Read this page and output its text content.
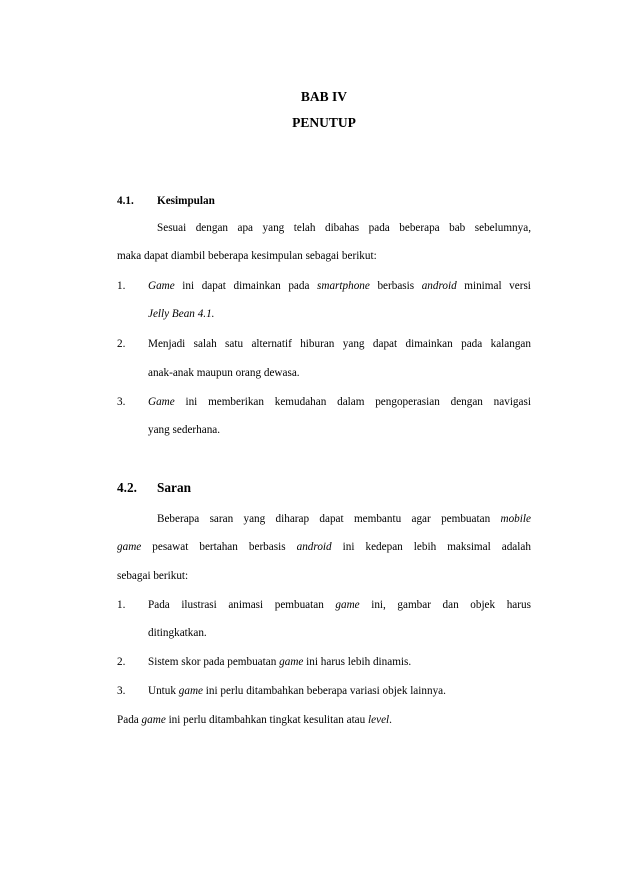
BAB IV
PENUTUP
4.1. Kesimpulan
Sesuai dengan apa yang telah dibahas pada beberapa bab sebelumnya,
maka dapat diambil beberapa kesimpulan sebagai berikut:
1. Game ini dapat dimainkan pada smartphone berbasis android minimal versi
Jelly Bean 4.1.
2. Menjadi salah satu alternatif hiburan yang dapat dimainkan pada kalangan
anak-anak maupun orang dewasa.
3. Game ini memberikan kemudahan dalam pengoperasian dengan navigasi
yang sederhana.
4.2. Saran
Beberapa saran yang diharap dapat membantu agar pembuatan mobile
game pesawat bertahan berbasis android ini kedepan lebih maksimal adalah
sebagai berikut:
1. Pada ilustrasi animasi pembuatan game ini, gambar dan objek harus
ditingkatkan.
2. Sistem skor pada pembuatan game ini harus lebih dinamis.
3. Untuk game ini perlu ditambahkan beberapa variasi objek lainnya.
Pada game ini perlu ditambahkan tingkat kesulitan atau level.
